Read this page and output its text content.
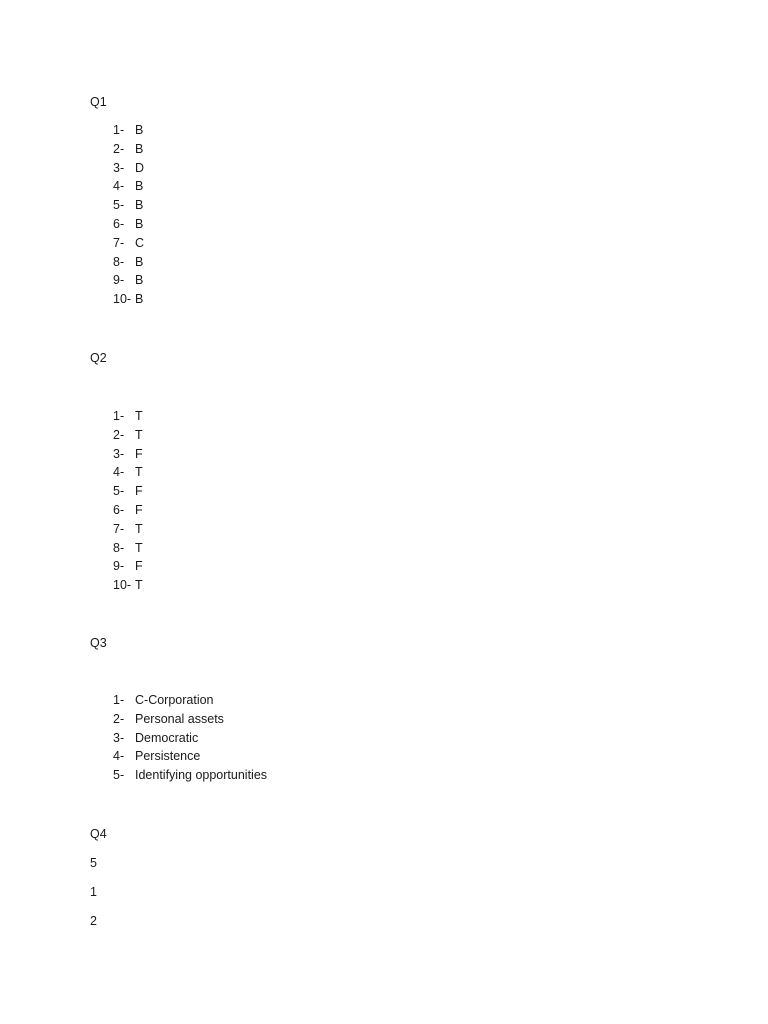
Q1
1- B
2- B
3- D
4- B
5- B
6- B
7- C
8- B
9- B
10- B
Q2
1- T
2- T
3- F
4- T
5- F
6- F
7- T
8- T
9- F
10- T
Q3
1- C-Corporation
2- Personal assets
3- Democratic
4- Persistence
5- Identifying opportunities
Q4
5
1
2
